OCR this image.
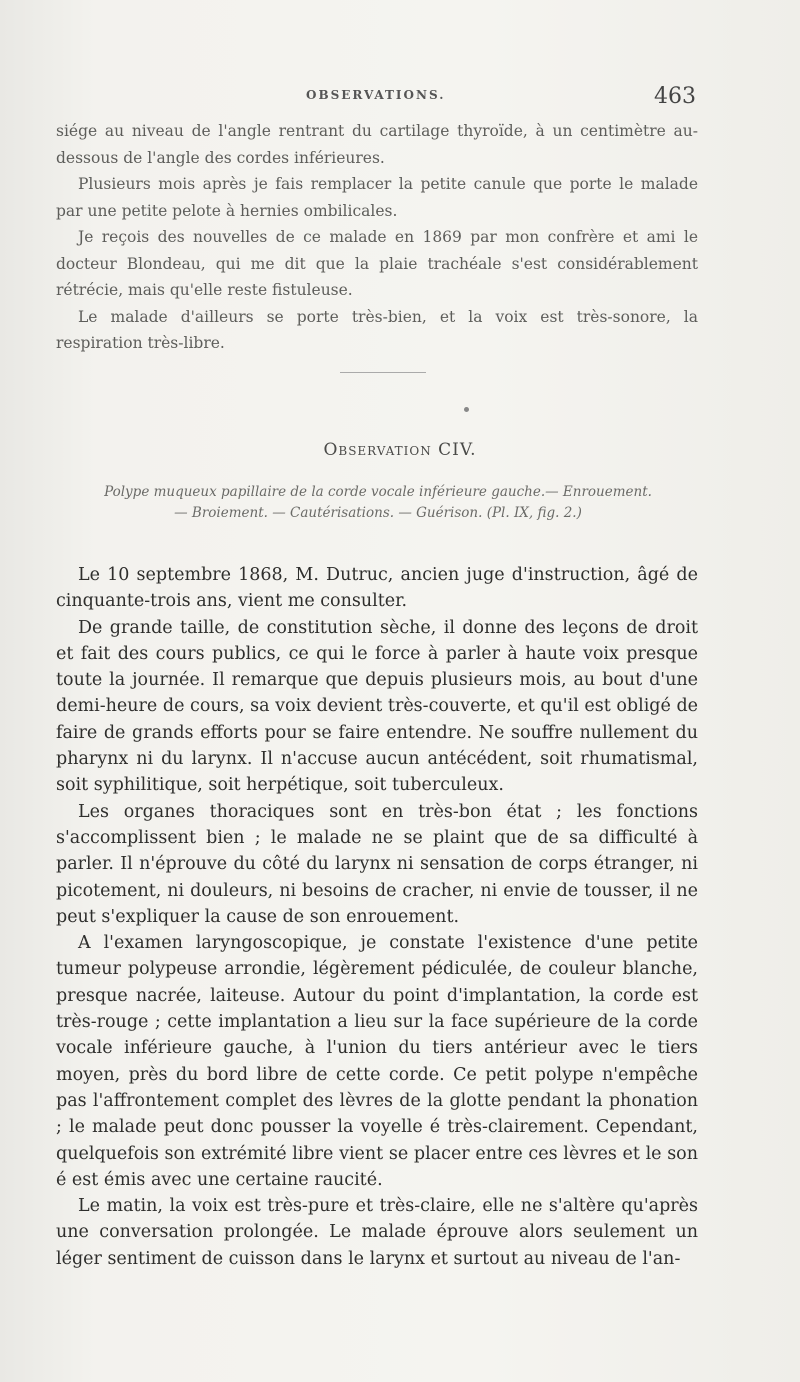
OBSERVATIONS.	463

siége au niveau de l'angle rentrant du cartilage thyroïde, à un centimètre au-dessous de l'angle des cordes inférieures.

Plusieurs mois après je fais remplacer la petite canule que porte le malade par une petite pelote à hernies ombilicales.

Je reçois des nouvelles de ce malade en 1869 par mon confrère et ami le docteur Blondeau, qui me dit que la plaie trachéale s'est considérablement rétrécie, mais qu'elle reste fistuleuse.

Le malade d'ailleurs se porte très-bien, et la voix est très-sonore, la respiration très-libre.

Observation CIV.
Polype muqueux papillaire de la corde vocale inférieure gauche.— Enrouement.
— Broiement. — Cautérisations. — Guérison. (Pl. IX, fig. 2.)

Le 10 septembre 1868, M. Dutruc, ancien juge d'instruction, âgé de cinquante-trois ans, vient me consulter.

De grande taille, de constitution sèche, il donne des leçons de droit et fait des cours publics, ce qui le force à parler à haute voix presque toute la journée. Il remarque que depuis plusieurs mois, au bout d'une demi-heure de cours, sa voix devient très-couverte, et qu'il est obligé de faire de grands efforts pour se faire entendre. Ne souffre nullement du pharynx ni du larynx. Il n'accuse aucun antécédent, soit rhumatismal, soit syphilitique, soit herpétique, soit tuberculeux.

Les organes thoraciques sont en très-bon état ; les fonctions s'accomplissent bien ; le malade ne se plaint que de sa difficulté à parler. Il n'éprouve du côté du larynx ni sensation de corps étranger, ni picotement, ni douleurs, ni besoins de cracher, ni envie de tousser, il ne peut s'expliquer la cause de son enrouement.

A l'examen laryngoscopique, je constate l'existence d'une petite tumeur polypeuse arrondie, légèrement pédiculée, de couleur blanche, presque nacrée, laiteuse. Autour du point d'implantation, la corde est très-rouge ; cette implantation a lieu sur la face supérieure de la corde vocale inférieure gauche, à l'union du tiers antérieur avec le tiers moyen, près du bord libre de cette corde. Ce petit polype n'empêche pas l'affrontement complet des lèvres de la glotte pendant la phonation ; le malade peut donc pousser la voyelle é très-clairement. Cependant, quelquefois son extrémité libre vient se placer entre ces lèvres et le son é est émis avec une certaine raucité.

Le matin, la voix est très-pure et très-claire, elle ne s'altère qu'après une conversation prolongée. Le malade éprouve alors seulement un léger sentiment de cuisson dans le larynx et surtout au niveau de l'an-
